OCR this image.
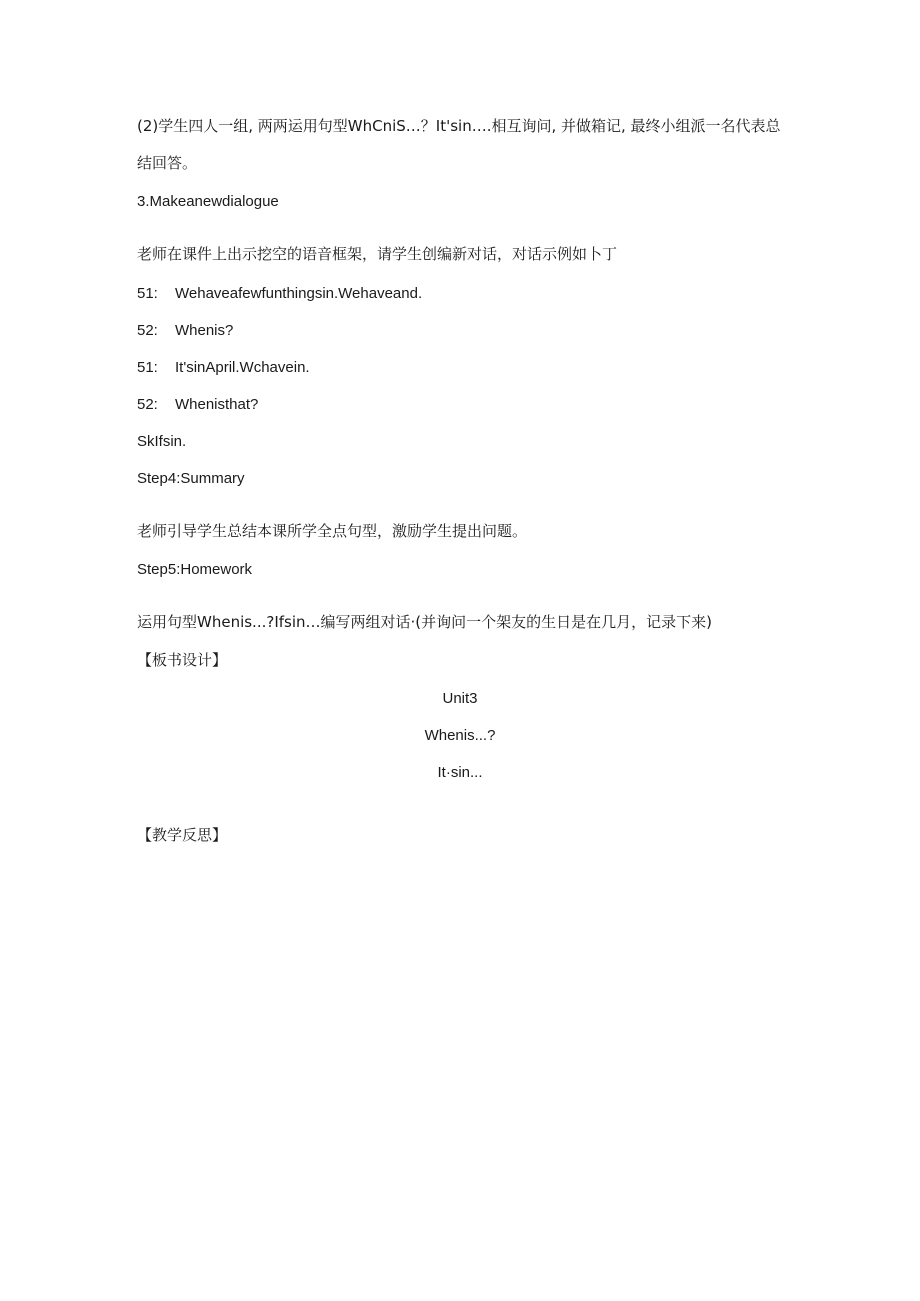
(2)学生四人一组, 两两运用句型WhCniS…？It'sin….相互询问, 并做箱记, 最终小组派一名代表总
结回答。
3.Makeanewdialogue
老师在课件上出示挖空的语音框架，请学生创编新对话，对话示例如卜丁
51: Wehaveafewfunthingsin.Wehaveand.
52: Whenis?
51: It'sinApril.Wchavein.
52: Whenisthat?
SkIfsin.
Step4:Summary
老师引导学生总结本课所学全点句型，激励学生提出问题。
Step5:Homework
运用句型Whenis...?Ifsin…编写两组对话·(并询问一个架友的生日是在几月，记录下来)
【板书设计】
Unit3
Whenis...?
It·sin...
【教学反思】
